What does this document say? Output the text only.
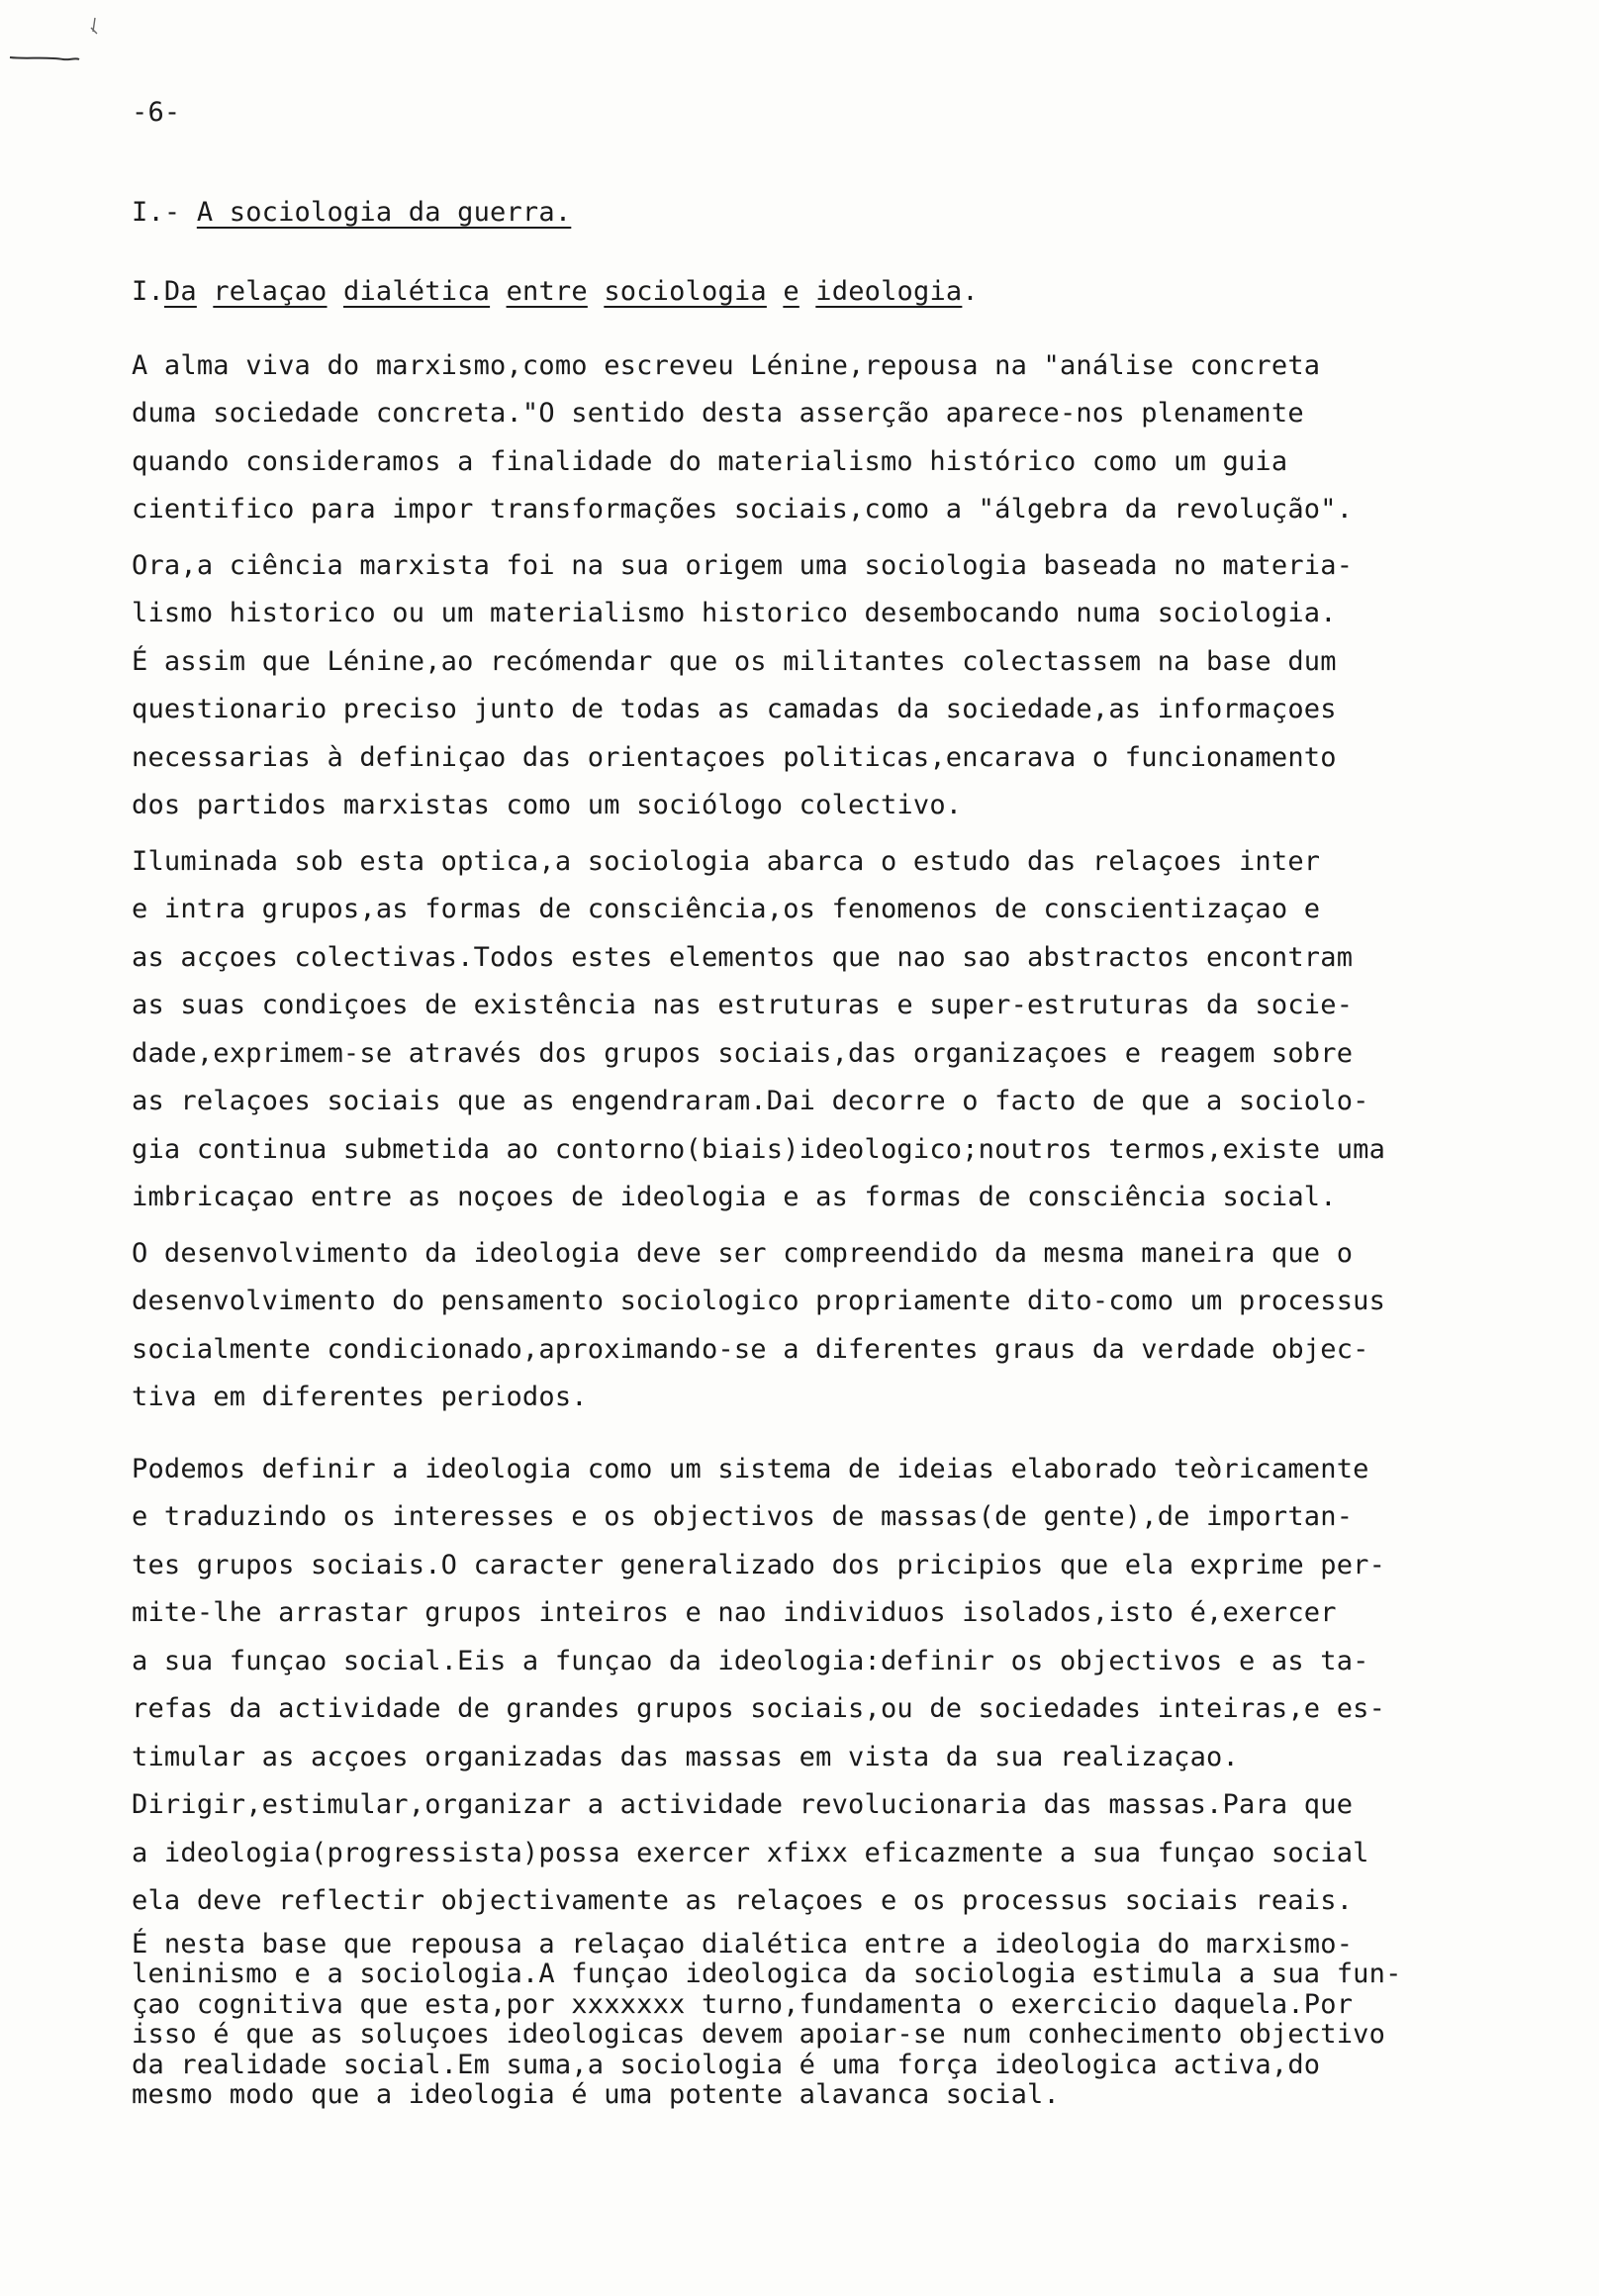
-6-

I.- A sociologia da guerra.

I.Da relaçao dialética entre sociologia e ideologia.

A alma viva do marxismo,como escreveu Lénine,repousa na "análise concreta
duma sociedade concreta."O sentido desta asserção aparece-nos plenamente
quando consideramos a finalidade do materialismo histórico como um guia
cientifico para impor transformações sociais,como a "álgebra da revolução".

Ora,a ciência marxista foi na sua origem uma sociologia baseada no materia-
lismo historico ou um materialismo historico desembocando numa sociologia.
É assim que Lénine,ao recómendar que os militantes colectassem na base dum
questionario preciso junto de todas as camadas da sociedade,as informaçoes
necessarias à definiçao das orientaçoes politicas,encarava o funcionamento
dos partidos marxistas como um sociólogo colectivo.

Iluminada sob esta optica,a sociologia abarca o estudo das relaçoes inter
e intra grupos,as formas de consciência,os fenomenos de conscientizaçao e
as acçoes colectivas.Todos estes elementos que nao sao abstractos encontram
as suas condiçoes de existência nas estruturas e super-estruturas da socie-
dade,exprimem-se através dos grupos sociais,das organizaçoes e reagem sobre
as relaçoes sociais que as engendraram.Dai decorre o facto de que a sociolo-
gia continua submetida ao contorno(biais)ideologico;noutros termos,existe uma
imbricaçao entre as noçoes de ideologia e as formas de consciência social.

O desenvolvimento da ideologia deve ser compreendido da mesma maneira que o
desenvolvimento do pensamento sociologico propriamente dito-como um processus
socialmente condicionado,aproximando-se a diferentes graus da verdade objec-
tiva em diferentes periodos.

Podemos definir a ideologia como um sistema de ideias elaborado teòricamente
e traduzindo os interesses e os objectivos de massas(de gente),de importan-
tes grupos sociais.O caracter generalizado dos pricipios que ela exprime per-
mite-lhe arrastar grupos inteiros e nao individuos isolados,isto é,exercer
a sua funçao social.Eis a funçao da ideologia:definir os objectivos e as ta-
refas da actividade de grandes grupos sociais,ou de sociedades inteiras,e es-
timular as acçoes organizadas das massas em vista da sua realizaçao.
Dirigir,estimular,organizar a actividade revolucionaria das massas.Para que
a ideologia(progressista)possa exercer xfixx eficazmente a sua funçao social
ela deve reflectir objectivamente as relaçoes e os processus sociais reais.

É nesta base que repousa a relaçao dialética entre a ideologia do marxismo-
leninismo e a sociologia.A funçao ideologica da sociologia estimula a sua fun-
çao cognitiva que esta,por xxxxxxx turno,fundamenta o exercicio daquela.Por
isso é que as soluçoes ideologicas devem apoiar-se num conhecimento objectivo
da realidade social.Em suma,a sociologia é uma força ideologica activa,do
mesmo modo que a ideologia é uma potente alavanca social.
